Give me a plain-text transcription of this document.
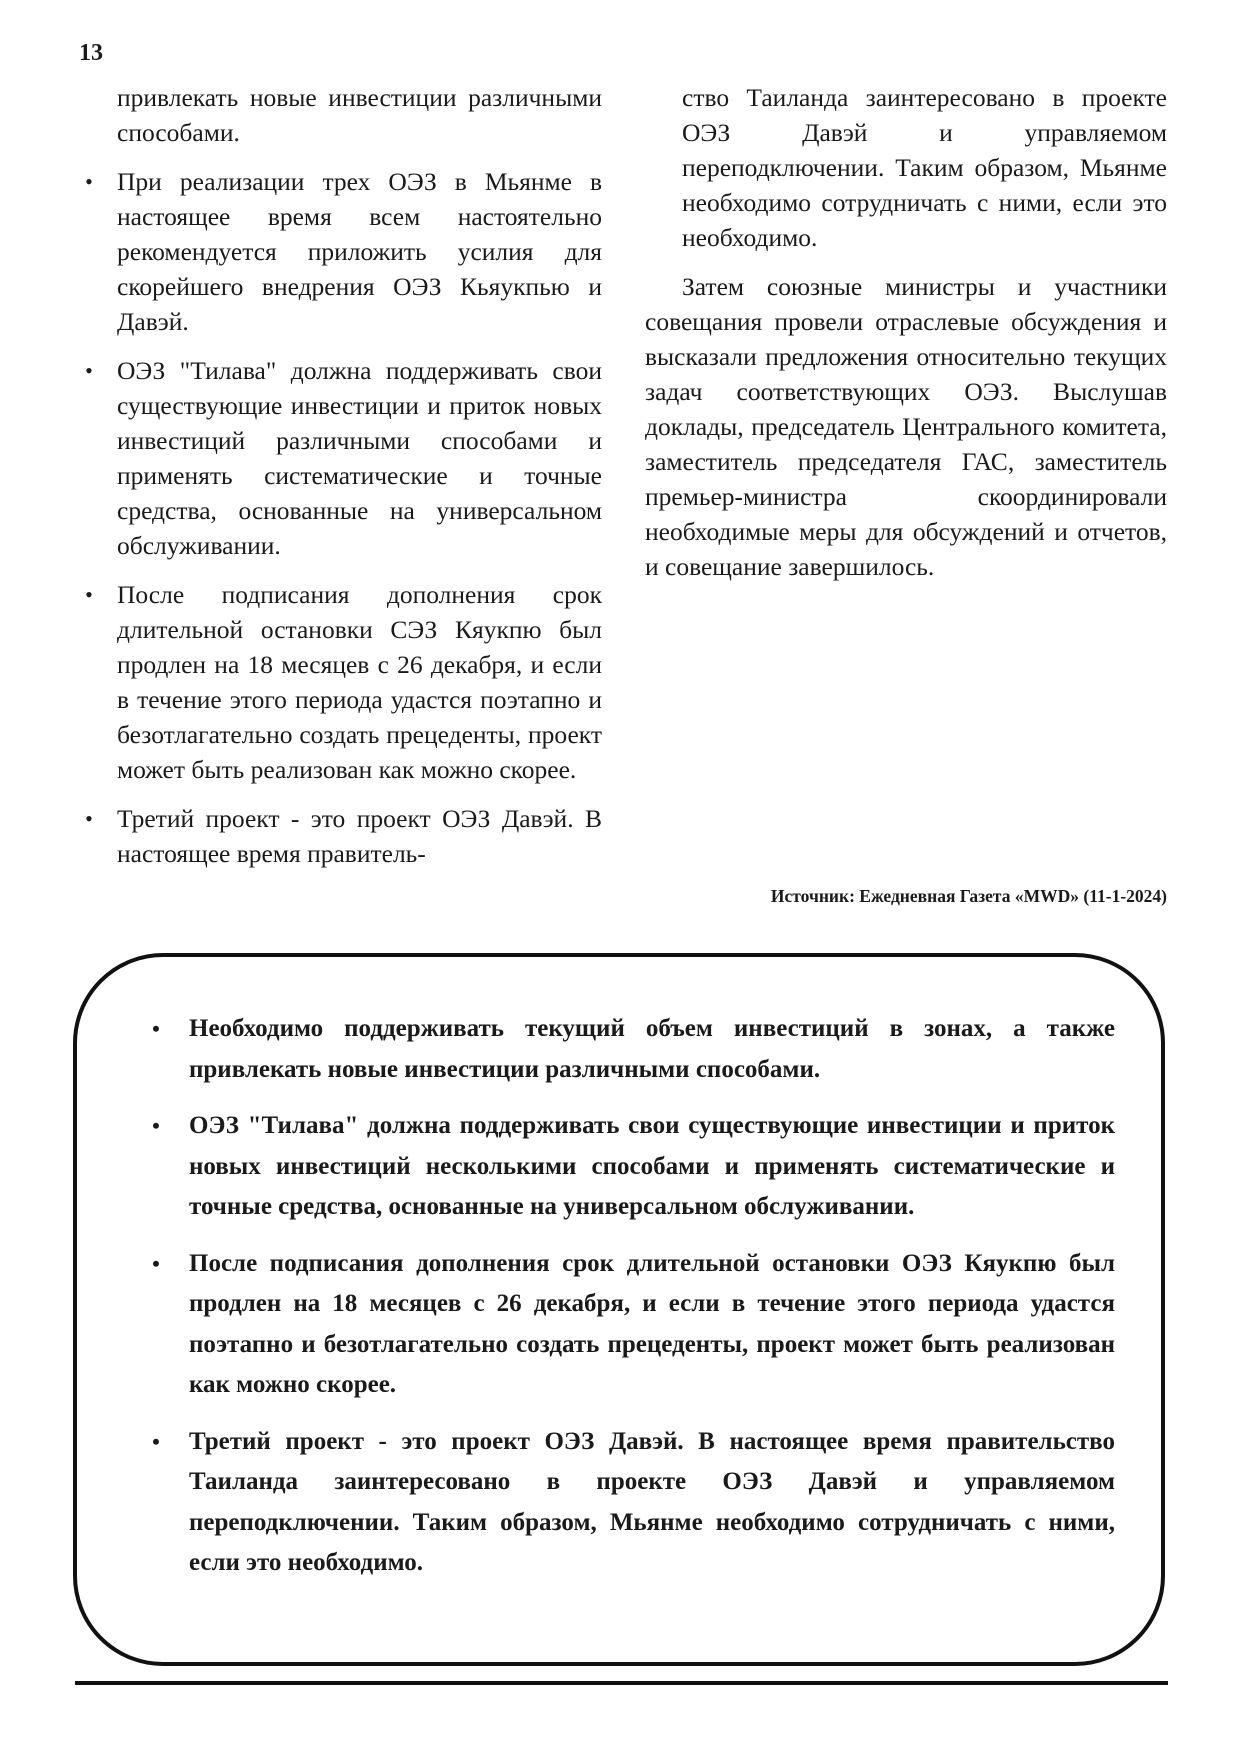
13

привлекать новые инвестиции различными способами.

• При реализации трех ОЭЗ в Мьянме в настоящее время всем настоятельно рекомендуется приложить усилия для скорейшего внедрения ОЭЗ Кьяукпью и Давэй.

• ОЭЗ "Тилава" должна поддерживать свои существующие инвестиции и приток новых инвестиций различными способами и применять систематические и точные средства, основанные на универсальном обслуживании.

• После подписания дополнения срок длительной остановки СЭЗ Кяукпю был продлен на 18 месяцев с 26 декабря, и если в течение этого периода удастся поэтапно и безотлагательно создать прецеденты, проект может быть реализован как можно скорее.

• Третий проект - это проект ОЭЗ Давэй. В настоящее время правитель-

ство Таиланда заинтересовано в проекте ОЭЗ Давэй и управляемом переподключении. Таким образом, Мьянме необходимо сотрудничать с ними, если это необходимо.

Затем союзные министры и участники совещания провели отраслевые обсуждения и высказали предложения относительно текущих задач соответствующих ОЭЗ. Выслушав доклады, председатель Центрального комитета, заместитель председателя ГАС, заместитель премьер-министра скоординировали необходимые меры для обсуждений и отчетов, и совещание завершилось.

Источник: Ежедневная Газета «MWD» (11-1-2024)
• Необходимо поддерживать текущий объем инвестиций в зонах, а также привлекать новые инвестиции различными способами.

• ОЭЗ "Тилава" должна поддерживать свои существующие инвестиции и приток новых инвестиций несколькими способами и применять систематические и точные средства, основанные на универсальном обслуживании.

• После подписания дополнения срок длительной остановки ОЭЗ Кяукпю был продлен на 18 месяцев с 26 декабря, и если в течение этого периода удастся поэтапно и безотлагательно создать прецеденты, проект может быть реализован как можно скорее.

• Третий проект - это проект ОЭЗ Давэй. В настоящее время правительство Таиланда заинтересовано в проекте ОЭЗ Давэй и управляемом переподключении. Таким образом, Мьянме необходимо сотрудничать с ними, если это необходимо.
